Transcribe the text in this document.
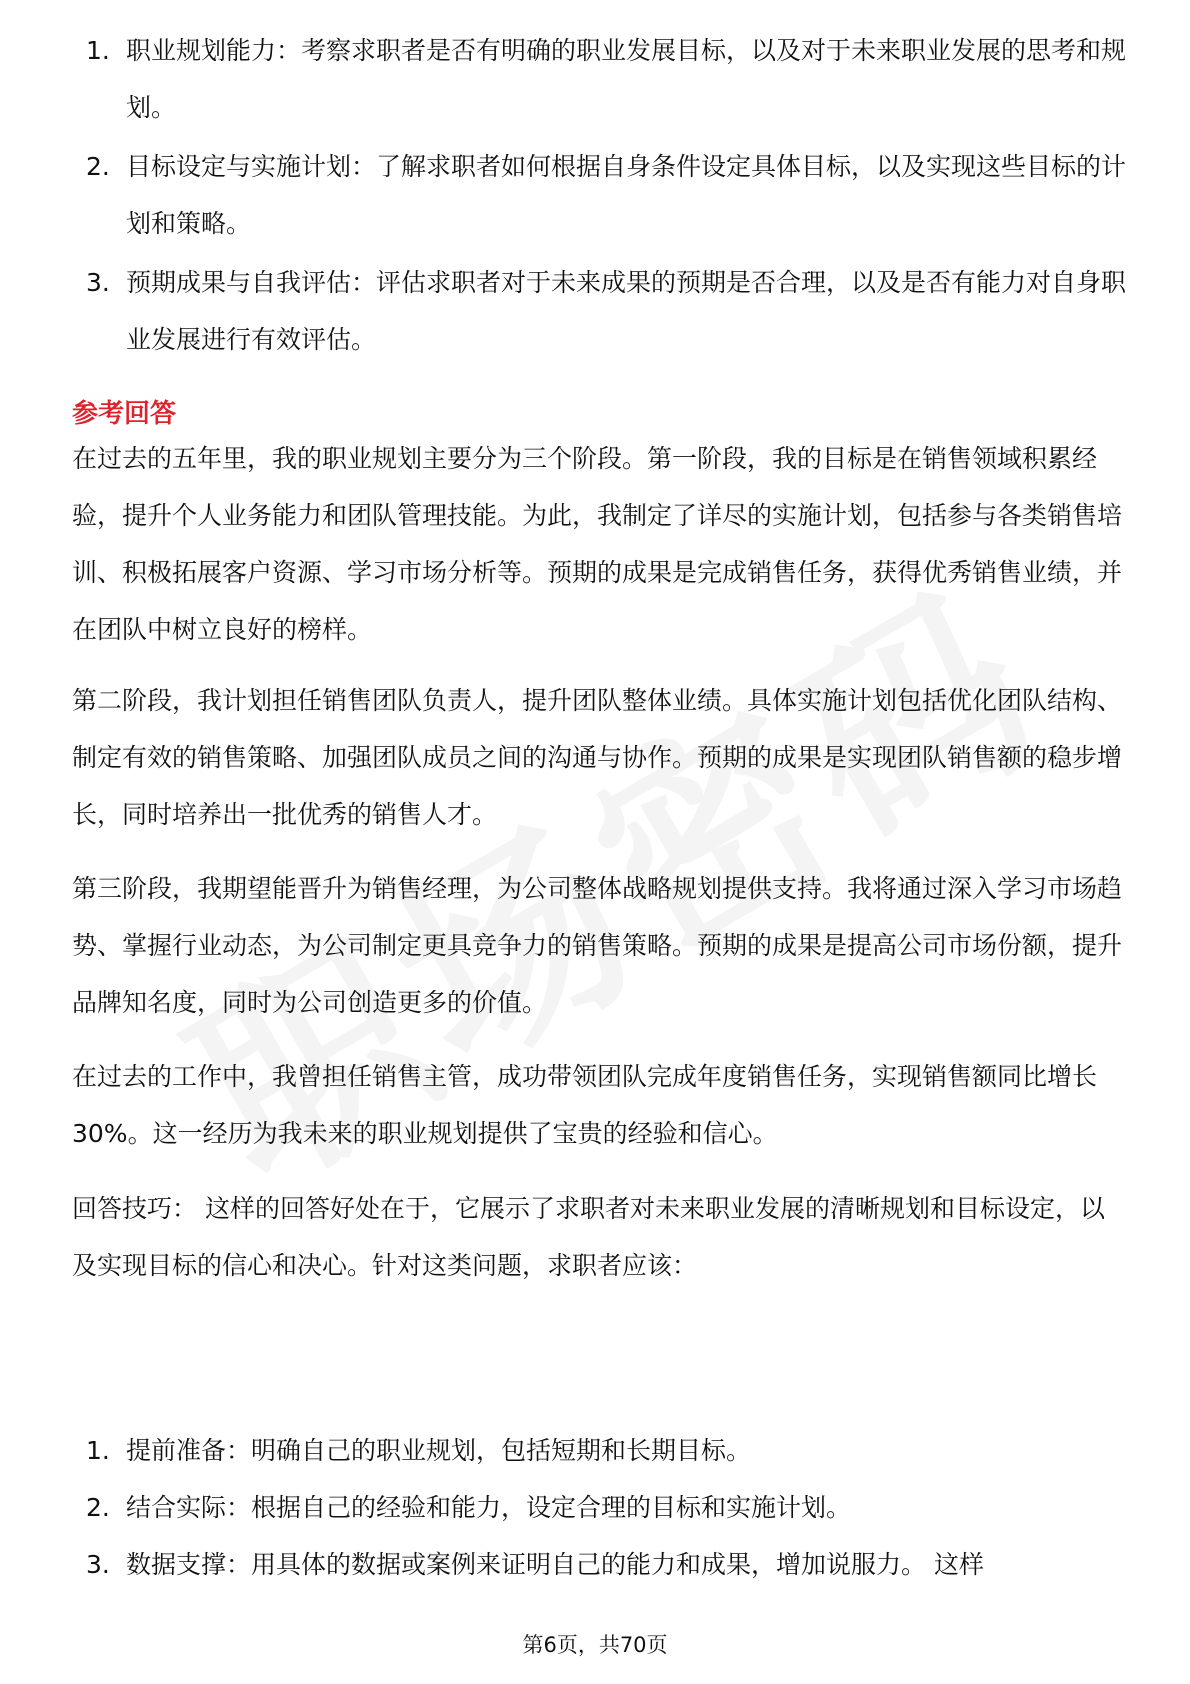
1. 职业规划能力：考察求职者是否有明确的职业发展目标，以及对于未来职业发展的思考和规划。
2. 目标设定与实施计划：了解求职者如何根据自身条件设定具体目标，以及实现这些目标的计划和策略。
3. 预期成果与自我评估：评估求职者对于未来成果的预期是否合理，以及是否有能力对自身职业发展进行有效评估。
参考回答

在过去的五年里，我的职业规划主要分为三个阶段。第一阶段，我的目标是在销售领域积累经验，提升个人业务能力和团队管理技能。为此，我制定了详尽的实施计划，包括参与各类销售培训、积极拓展客户资源、学习市场分析等。预期的成果是完成销售任务，获得优秀销售业绩，并在团队中树立良好的榜样。

第二阶段，我计划担任销售团队负责人，提升团队整体业绩。具体实施计划包括优化团队结构、制定有效的销售策略、加强团队成员之间的沟通与协作。预期的成果是实现团队销售额的稳步增长，同时培养出一批优秀的销售人才。

第三阶段，我期望能晋升为销售经理，为公司整体战略规划提供支持。我将通过深入学习市场趋势、掌握行业动态，为公司制定更具竞争力的销售策略。预期的成果是提高公司市场份额，提升品牌知名度，同时为公司创造更多的价值。

在过去的工作中，我曾担任销售主管，成功带领团队完成年度销售任务，实现销售额同比增长30%。这一经历为我未来的职业规划提供了宝贵的经验和信心。

回答技巧： 这样的回答好处在于，它展示了求职者对未来职业发展的清晰规划和目标设定，以及实现目标的信心和决心。针对这类问题，求职者应该：

1. 提前准备：明确自己的职业规划，包括短期和长期目标。
2. 结合实际：根据自己的经验和能力，设定合理的目标和实施计划。
3. 数据支撑：用具体的数据或案例来证明自己的能力和成果，增加说服力。 这样
第6页，共70页
